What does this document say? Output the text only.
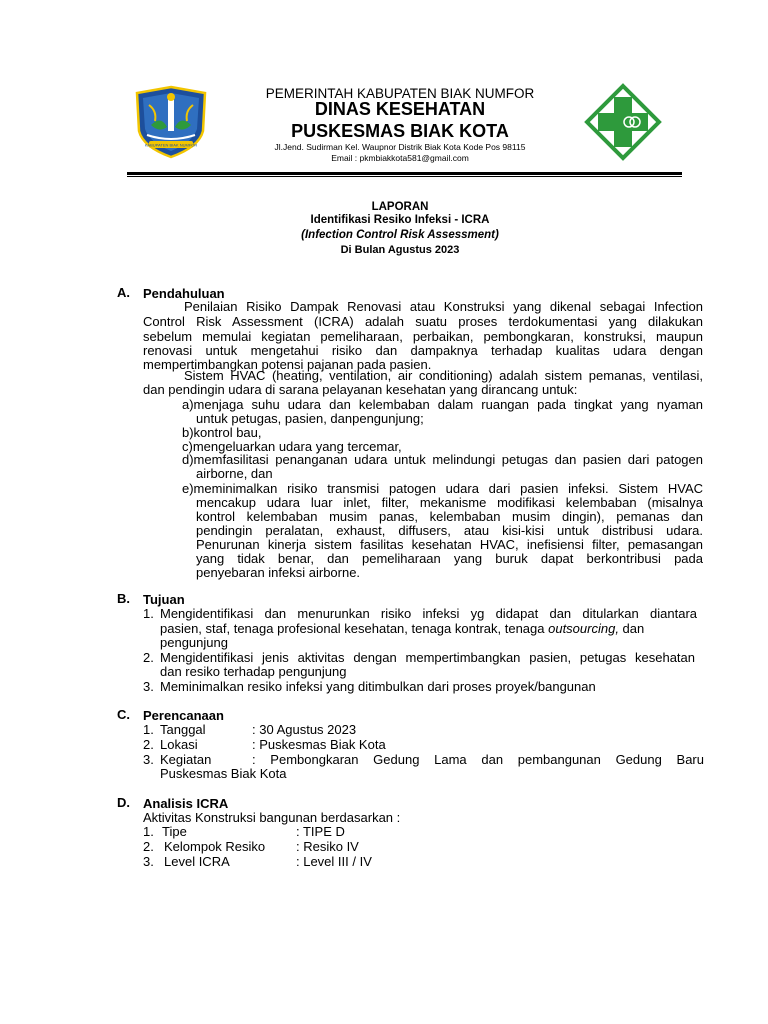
KABUPATEN BIAK NUMFOR
PEMERINTAH KABUPATEN BIAK NUMFOR
DINAS KESEHATAN
PUSKESMAS BIAK KOTA
Jl.Jend. Sudirman Kel. Waupnor Distrik Biak Kota Kode Pos 98115
Email : pkmbiakkota581@gmail.com
LAPORAN
Identifikasi Resiko Infeksi - ICRA
(Infection Control Risk Assessment)
Di Bulan Agustus 2023
A. Pendahuluan
Penilaian Risiko Dampak Renovasi atau Konstruksi yang dikenal sebagai Infection
Control Risk Assessment (ICRA) adalah suatu proses terdokumentasi yang dilakukan
sebelum memulai kegiatan pemeliharaan, perbaikan, pembongkaran, konstruksi, maupun
renovasi untuk mengetahui risiko dan dampaknya terhadap kualitas udara dengan
mempertimbangkan potensi pajanan pada pasien.
Sistem HVAC (heating, ventilation, air conditioning) adalah sistem pemanas, ventilasi,
dan pendingin udara di sarana pelayanan kesehatan yang dirancang untuk:
a)menjaga suhu udara dan kelembaban dalam ruangan pada tingkat yang nyaman
untuk petugas, pasien, danpengunjung;
b)kontrol bau,
c)mengeluarkan udara yang tercemar,
d)memfasilitasi penanganan udara untuk melindungi petugas dan pasien dari patogen
airborne, dan
e)meminimalkan risiko transmisi patogen udara dari pasien infeksi. Sistem HVAC
mencakup udara luar inlet, filter, mekanisme modifikasi kelembaban (misalnya
kontrol kelembaban musim panas, kelembaban musim dingin), pemanas dan
pendingin peralatan, exhaust, diffusers, atau kisi-kisi untuk distribusi udara.
Penurunan kinerja sistem fasilitas kesehatan HVAC, inefisiensi filter, pemasangan
yang tidak benar, dan pemeliharaan yang buruk dapat berkontribusi pada
penyebaran infeksi airborne.
B. Tujuan
1. Mengidentifikasi dan menurunkan risiko infeksi yg didapat dan ditularkan diantara
pasien, staf, tenaga profesional kesehatan, tenaga kontrak, tenaga outsourcing, dan
pengunjung
2. Mengidentifikasi jenis aktivitas dengan mempertimbangkan pasien, petugas kesehatan
dan resiko terhadap pengunjung
3. Meminimalkan resiko infeksi yang ditimbulkan dari proses proyek/bangunan
C. Perencanaan
1. Tanggal	: 30 Agustus 2023
2. Lokasi	: Puskesmas Biak Kota
3. Kegiatan	: Pembongkaran Gedung Lama dan pembangunan Gedung Baru
Puskesmas Biak Kota
D. Analisis ICRA
Aktivitas Konstruksi bangunan berdasarkan :
1. Tipe	: TIPE D
2. Kelompok Resiko : Resiko IV
3. Level ICRA	: Level III / IV
